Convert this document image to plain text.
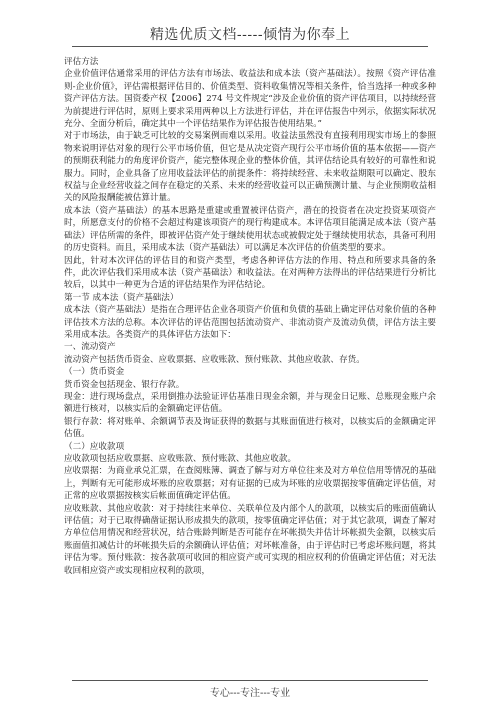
精选优质文档-----倾情为你奉上

评估方法

企业价值评估通常采用的评估方法有市场法、收益法和成本法（资产基础法）。按照《资产评估准则-企业价值》，评估需根据评估目的、价值类型、资料收集情况等相关条件，恰当选择一种或多种资产评估方法。国资委产权【2006】274 号文件规定“涉及企业价值的资产评估项目，以持续经营为前提进行评估时，原则上要求采用两种以上方法进行评估，并在评估报告中列示，依据实际状况充分、全面分析后，确定其中一个评估结果作为评估报告使用结果。”

对于市场法，由于缺乏可比较的交易案例而难以采用。收益法虽然没有直接利用现实市场上的参照物来说明评估对象的现行公平市场价值，但它是从决定资产现行公平市场价值的基本依据——资产的预期获利能力的角度评价资产，能完整体现企业的整体价值，其评估结论具有较好的可靠性和说服力。同时，企业具备了应用收益法评估的前提条件：将持续经营、未来收益期限可以确定、股东权益与企业经营收益之间存在稳定的关系、未来的经营收益可以正确预测计量、与企业预期收益相关的风险报酬能被估算计量。

成本法（资产基础法）的基本思路是重建或重置被评估资产，潜在的投资者在决定投资某项资产时，所愿意支付的价格不会超过构建该项资产的现行构建成本。本评估项目能满足成本法（资产基础法）评估所需的条件，即被评估资产处于继续使用状态或被假定处于继续使用状态，具备可利用的历史资料。而且，采用成本法（资产基础法）可以满足本次评估的价值类型的要求。

因此，针对本次评估的评估目的和资产类型，考虑各种评估方法的作用、特点和所要求具备的条件，此次评估我们采用成本法（资产基础法）和收益法。在对两种方法得出的评估结果进行分析比较后，以其中一种更为合适的评估结果作为评估结论。

第一节 成本法（资产基础法）

成本法（资产基础法）是指在合理评估企业各项资产价值和负债的基础上确定评估对象价值的各种评估技术方法的总称。本次评估的评估范围包括流动资产、非流动资产及流动负债，评估方法主要采用成本法。各类资产的具体评估方法如下：

一、流动资产

流动资产包括货币资金、应收票据、应收账款、预付账款、其他应收款、存货。

（一）货币资金

货币资金包括现金、银行存款。

现金：进行现场盘点，采用倒推办法验证评估基准日现金余额，并与现金日记账、总账现金账户余额进行核对，以核实后的金额确定评估值。

银行存款：将对账单、余额调节表及询证获得的数据与其账面值进行核对，以核实后的金额确定评估值。

（二）应收款项

应收款项包括应收票据、应收账款、预付账款、其他应收款。

应收票据：为商业承兑汇票，在查阅账簿、调查了解与对方单位往来及对方单位信用等情况的基础上，判断有无可能形成坏账的应收票据；对有证据的已成为坏账的应收票据按零值确定评估值，对正常的应收票据按核实后帐面值确定评估值。

应收账款、其他应收款：对于持续往来单位、关联单位及内部个人的款项，以核实后的账面值确认评估值；对于已取得确凿证据认形成损失的款项，按零值确定评估值；对于其它款项，调查了解对方单位信用情况和经营状况，结合账龄判断是否可能存在坏帐损失并估计坏帐损失金额，以核实后账面值扣减估计的坏帐损失后的余额确认评估值；对坏帐准备，由于评估时已考虑坏账问题，将其评估为零。预付账款：按各款项可收回的相应资产或可实现的相应权利的价值确定评估值；对无法收回相应资产或实现相应权利的款项，

专心---专注---专业
